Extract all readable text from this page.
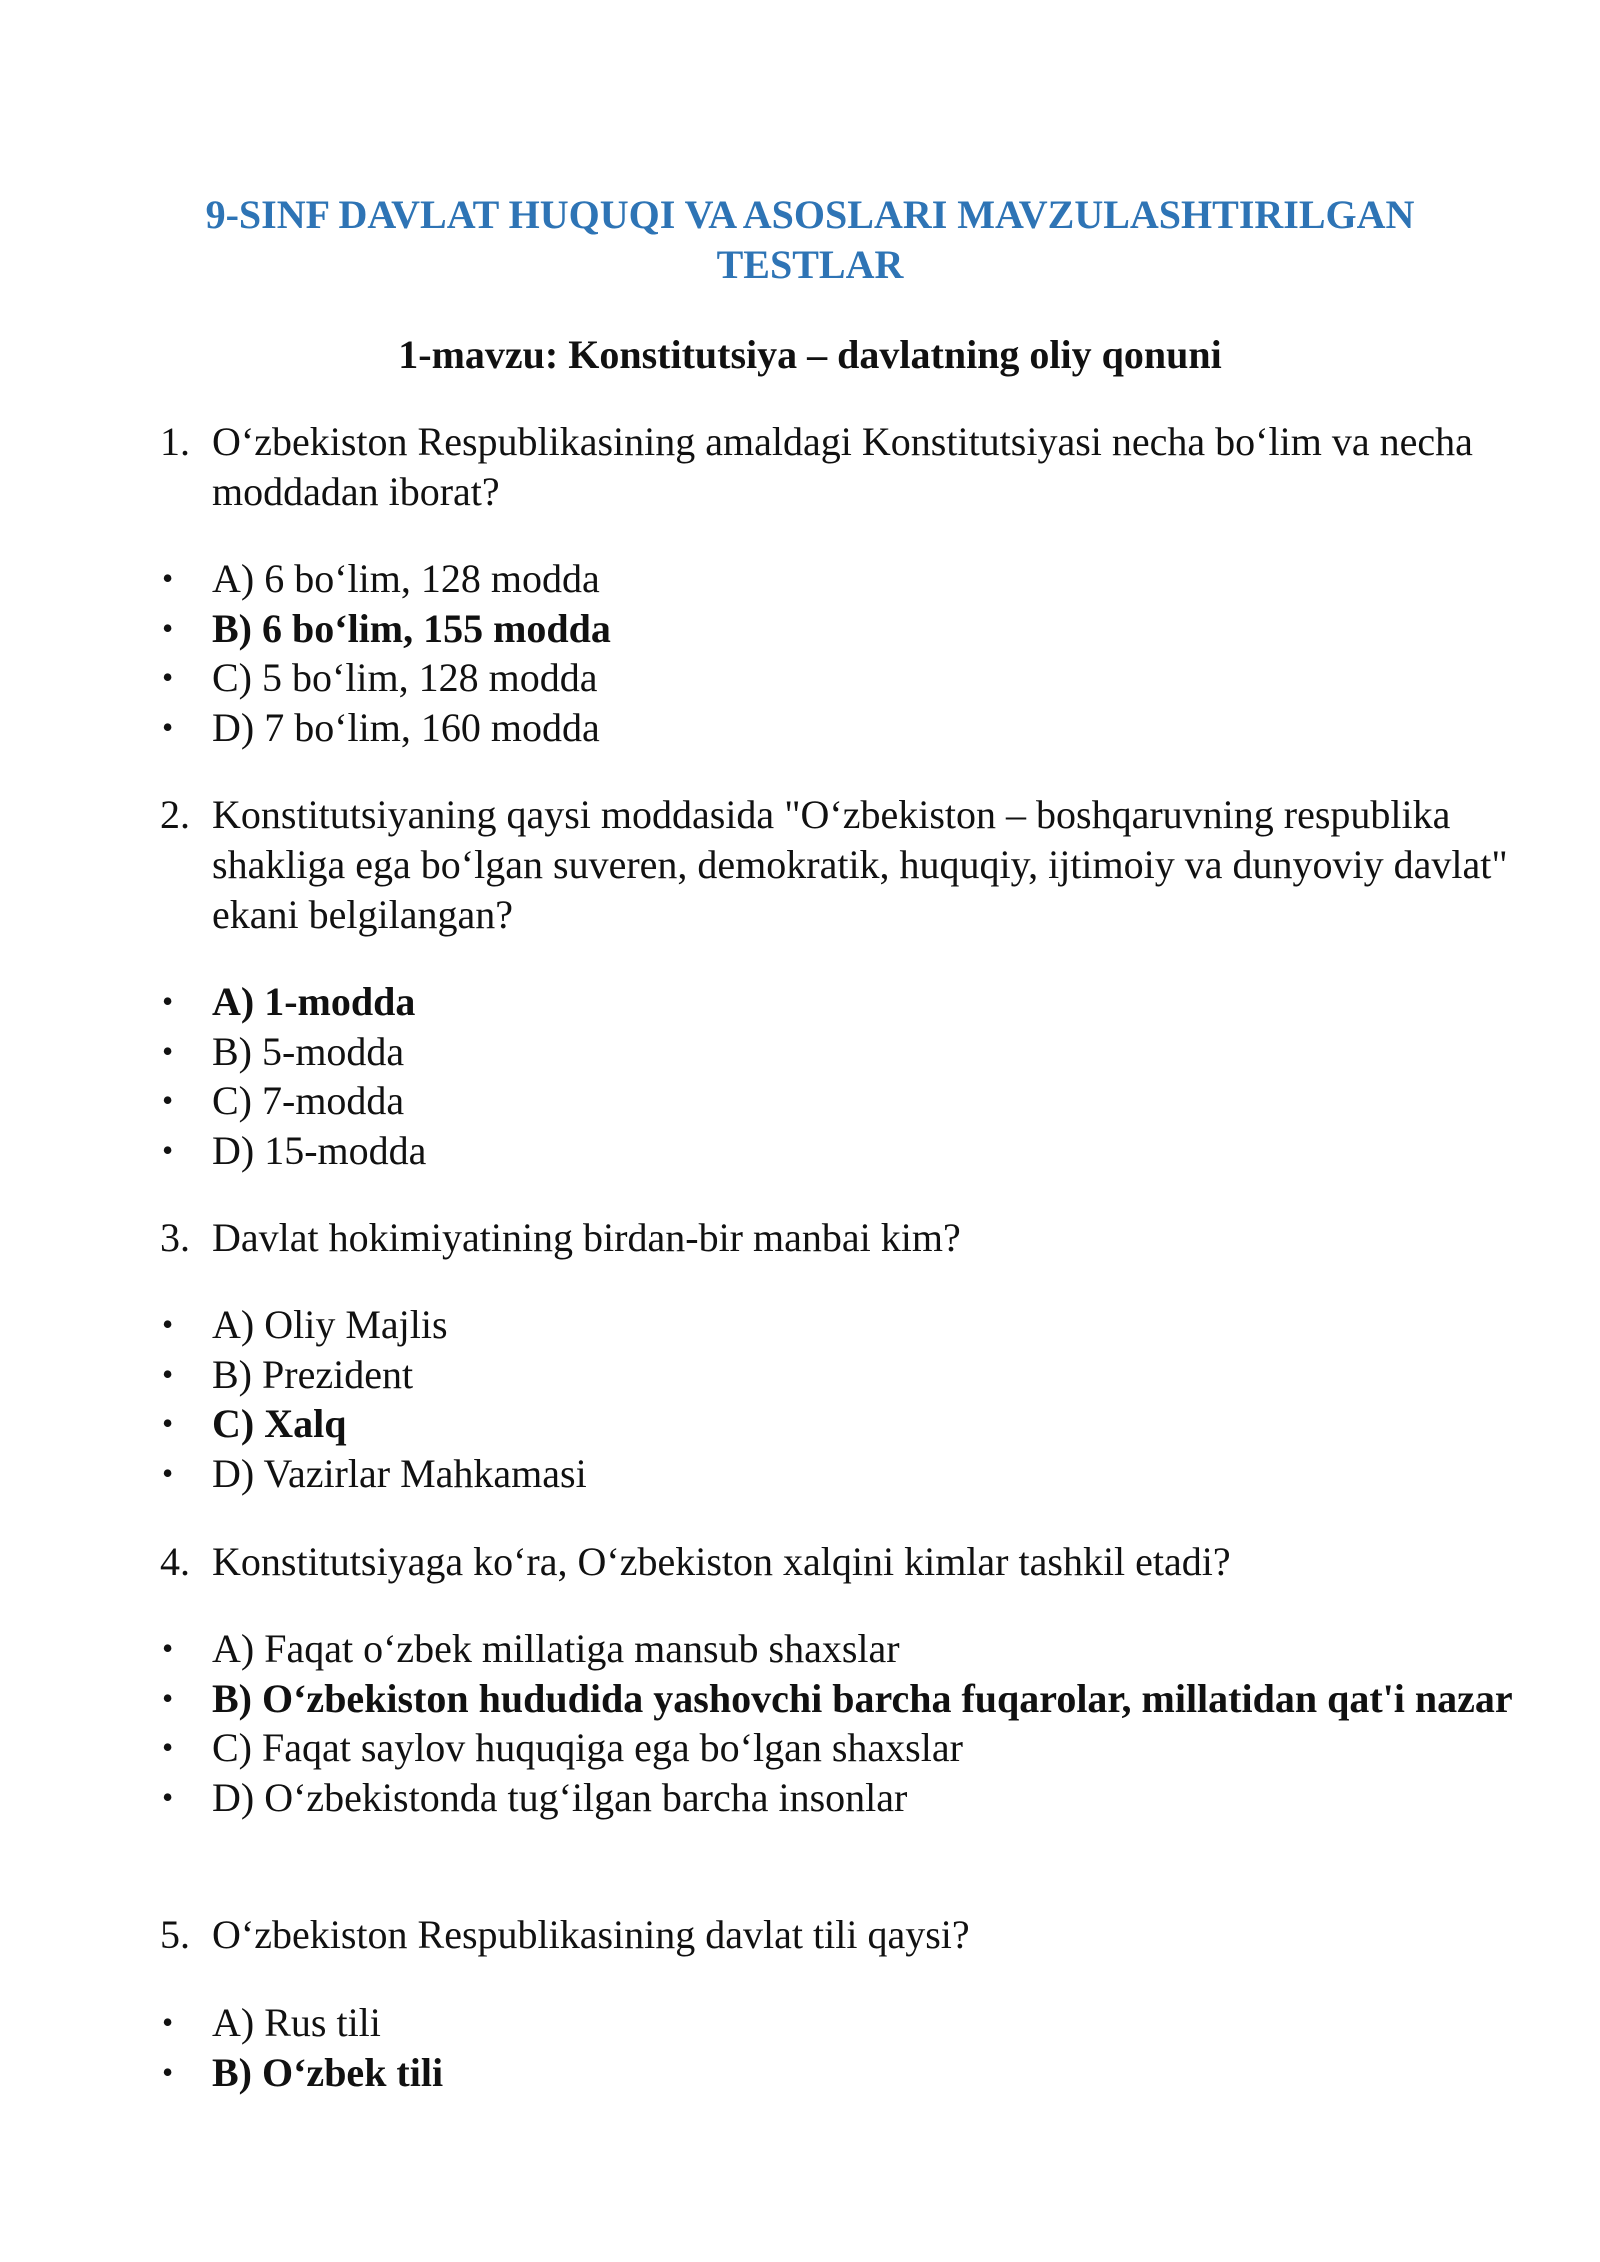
9-SINF DAVLAT HUQUQI VA ASOSLARI MAVZULASHTIRILGAN TESTLAR
1-mavzu: Konstitutsiya – davlatning oliy qonuni
1. O‘zbekiston Respublikasining amaldagi Konstitutsiyasi necha bo‘lim va necha moddadan iborat?
• A) 6 bo‘lim, 128 modda
• B) 6 bo‘lim, 155 modda
• C) 5 bo‘lim, 128 modda
• D) 7 bo‘lim, 160 modda
2. Konstitutsiyaning qaysi moddasida "O‘zbekiston – boshqaruvning respublika shakliga ega bo‘lgan suveren, demokratik, huquqiy, ijtimoiy va dunyoviy davlat" ekani belgilangan?
• A) 1-modda
• B) 5-modda
• C) 7-modda
• D) 15-modda
3. Davlat hokimiyatining birdan-bir manbai kim?
• A) Oliy Majlis
• B) Prezident
• C) Xalq
• D) Vazirlar Mahkamasi
4. Konstitutsiyaga ko‘ra, O‘zbekiston xalqini kimlar tashkil etadi?
• A) Faqat o‘zbek millatiga mansub shaxslar
• B) O‘zbekiston hududida yashovchi barcha fuqarolar, millatidan qat'i nazar
• C) Faqat saylov huquqiga ega bo‘lgan shaxslar
• D) O‘zbekistonda tug‘ilgan barcha insonlar
5. O‘zbekiston Respublikasining davlat tili qaysi?
• A) Rus tili
• B) O‘zbek tili
